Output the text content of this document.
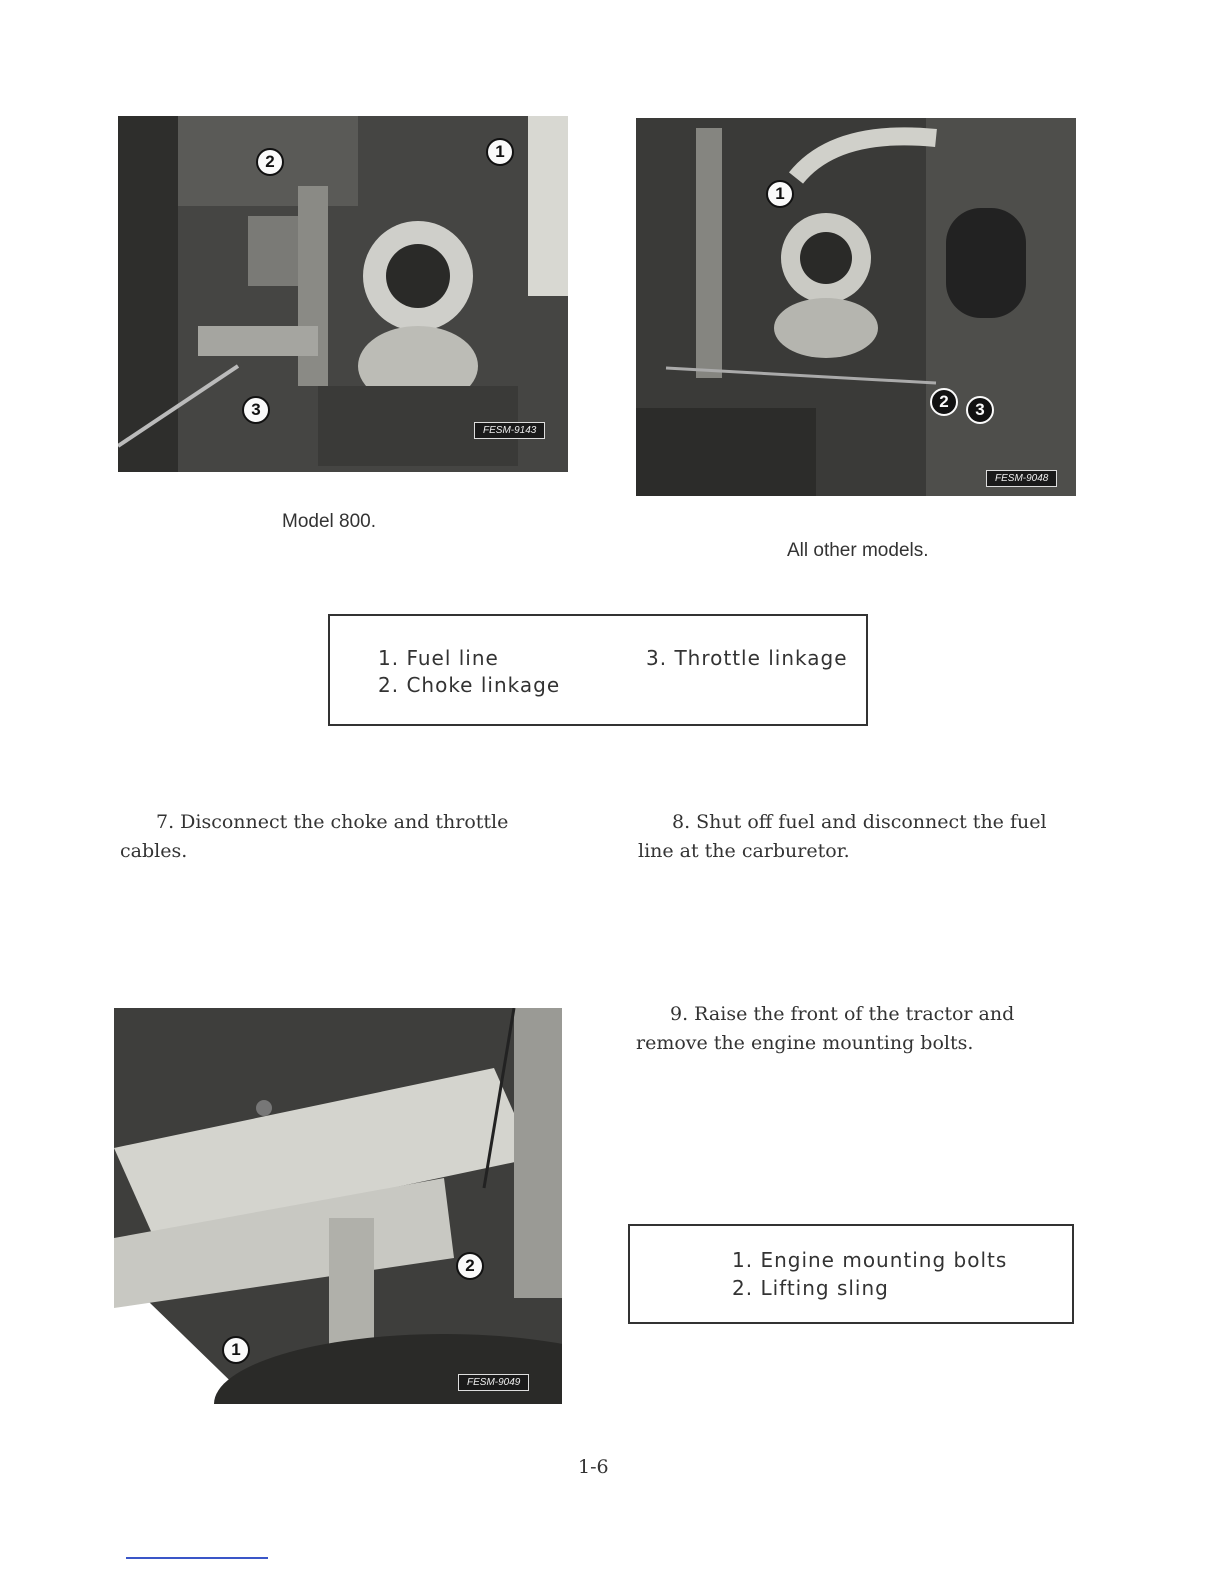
2
1
3
FESM-9143
Model 800.
1
2	3
FESM-9048
All other models.
1. Fuel line
2. Choke linkage
3. Throttle linkage
7. Disconnect the choke and throttle cables.
8. Shut off fuel and disconnect the fuel line at the carburetor.
2
1
FESM-9049
9. Raise the front of the tractor and remove the engine mounting bolts.
1. Engine mounting bolts
2. Lifting sling
1-6
